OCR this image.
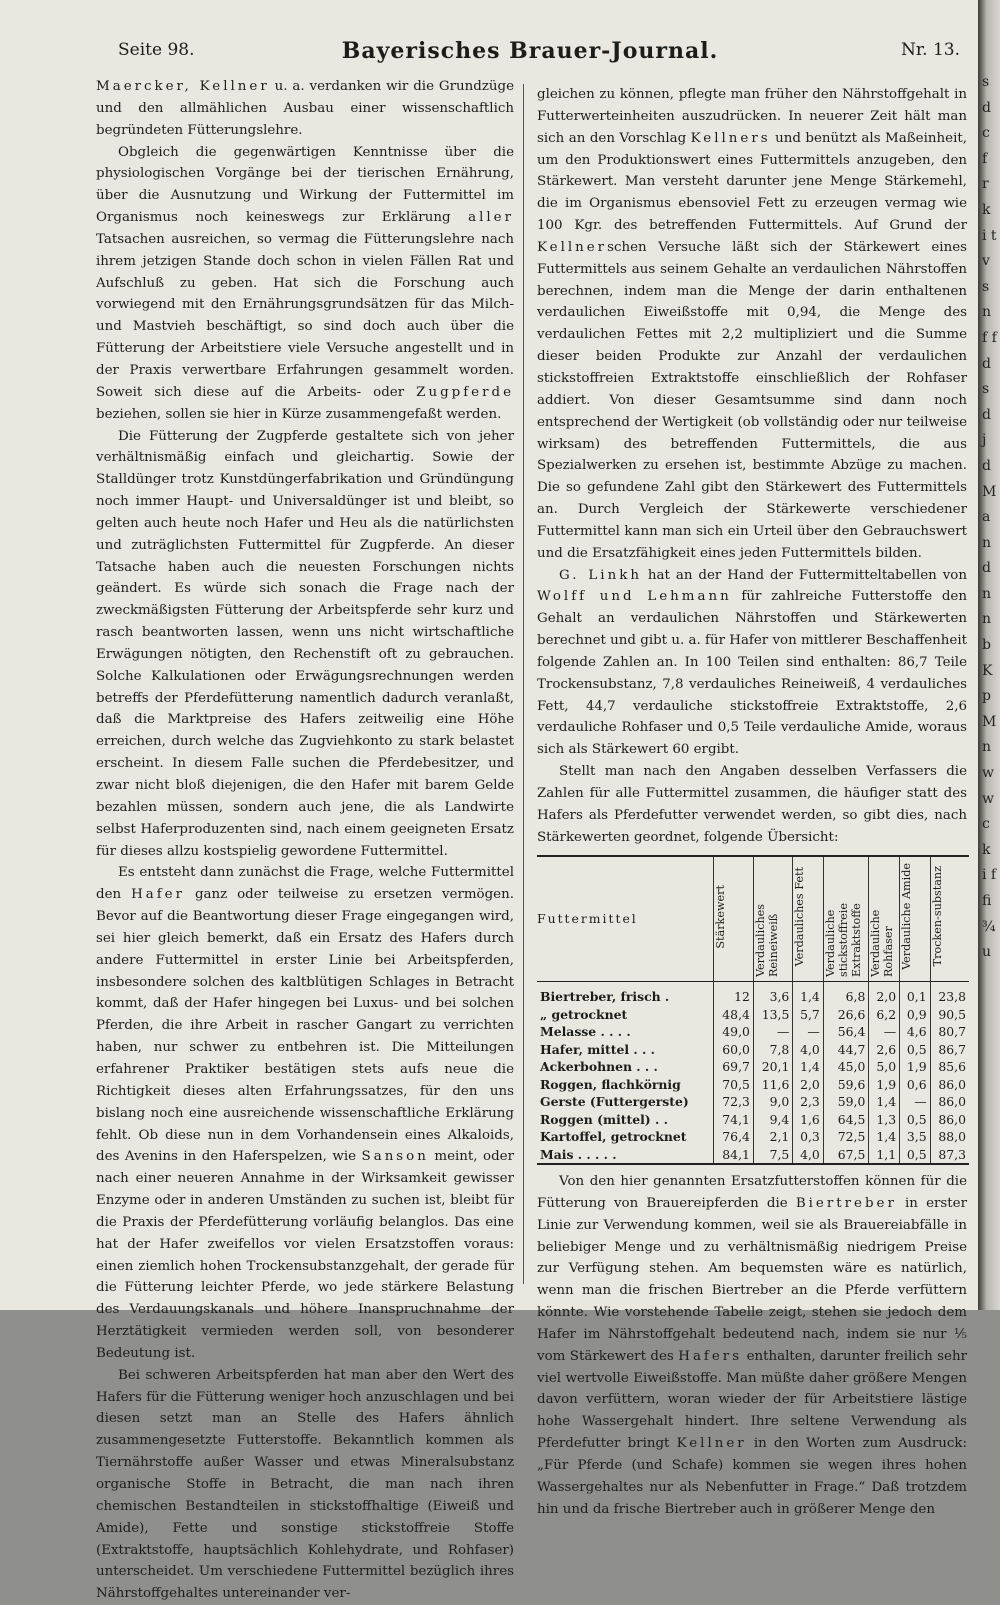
Seite 98.	Bayerisches Brauer-Journal.	Nr. 13.

Maercker, Kellner u. a. verdanken wir die Grundzüge und den allmählichen Ausbau einer wissenschaftlich begründeten Fütterungslehre.

Obgleich die gegenwärtigen Kenntnisse über die physiologischen Vorgänge bei der tierischen Ernährung, über die Ausnutzung und Wirkung der Futtermittel im Organismus noch keineswegs zur Erklärung aller Tatsachen ausreichen, so vermag die Fütterungslehre nach ihrem jetzigen Stande doch schon in vielen Fällen Rat und Aufschluß zu geben. Hat sich die Forschung auch vorwiegend mit den Ernährungsgrundsätzen für das Milch- und Mastvieh beschäftigt, so sind doch auch über die Fütterung der Arbeitstiere viele Versuche angestellt und in der Praxis verwertbare Erfahrungen gesammelt worden. Soweit sich diese auf die Arbeits- oder Zugpferde beziehen, sollen sie hier in Kürze zusammengefaßt werden.

Die Fütterung der Zugpferde gestaltete sich von jeher verhältnismäßig einfach und gleichartig. Sowie der Stalldünger trotz Kunstdüngerfabrikation und Gründüngung noch immer Haupt- und Universaldünger ist und bleibt, so gelten auch heute noch Hafer und Heu als die natürlichsten und zuträglichsten Futtermittel für Zugpferde. An dieser Tatsache haben auch die neuesten Forschungen nichts geändert. Es würde sich sonach die Frage nach der zweckmäßigsten Fütterung der Arbeitspferde sehr kurz und rasch beantworten lassen, wenn uns nicht wirtschaftliche Erwägungen nötigten, den Rechenstift oft zu gebrauchen. Solche Kalkulationen oder Erwägungsrechnungen werden betreffs der Pferdefütterung namentlich dadurch veranlaßt, daß die Marktpreise des Hafers zeitweilig eine Höhe erreichen, durch welche das Zugviehkonto zu stark belastet erscheint. In diesem Falle suchen die Pferdebesitzer, und zwar nicht bloß diejenigen, die den Hafer mit barem Gelde bezahlen müssen, sondern auch jene, die als Landwirte selbst Haferproduzenten sind, nach einem geeigneten Ersatz für dieses allzu kostspielig gewordene Futtermittel.

Es entsteht dann zunächst die Frage, welche Futtermittel den Hafer ganz oder teilweise zu ersetzen vermögen. Bevor auf die Beantwortung dieser Frage eingegangen wird, sei hier gleich bemerkt, daß ein Ersatz des Hafers durch andere Futtermittel in erster Linie bei Arbeitspferden, insbesondere solchen des kaltblütigen Schlages in Betracht kommt, daß der Hafer hingegen bei Luxus- und bei solchen Pferden, die ihre Arbeit in rascher Gangart zu verrichten haben, nur schwer zu entbehren ist. Die Mitteilungen erfahrener Praktiker bestätigen stets aufs neue die Richtigkeit dieses alten Erfahrungssatzes, für den uns bislang noch eine ausreichende wissenschaftliche Erklärung fehlt. Ob diese nun in dem Vorhandensein eines Alkaloids, des Avenins in den Haferspelzen, wie Sanson meint, oder nach einer neueren Annahme in der Wirksamkeit gewisser Enzyme oder in anderen Umständen zu suchen ist, bleibt für die Praxis der Pferdefütterung vorläufig belanglos. Das eine hat der Hafer zweifellos vor vielen Ersatzstoffen voraus: einen ziemlich hohen Trockensubstanzgehalt, der gerade für die Fütterung leichter Pferde, wo jede stärkere Belastung des Verdauungskanals und höhere Inanspruchnahme der Herztätigkeit vermieden werden soll, von besonderer Bedeutung ist.

Bei schweren Arbeitspferden hat man aber den Wert des Hafers für die Fütterung weniger hoch anzuschlagen und bei diesen setzt man an Stelle des Hafers ähnlich zusammengesetzte Futterstoffe. Bekanntlich kommen als Tiernährstoffe außer Wasser und etwas Mineralsubstanz organische Stoffe in Betracht, die man nach ihren chemischen Bestandteilen in stickstoffhaltige (Eiweiß und Amide), Fette und sonstige stickstoffreie Stoffe (Extraktstoffe, hauptsächlich Kohlehydrate, und Rohfaser) unterscheidet. Um verschiedene Futtermittel bezüglich ihres Nährstoffgehaltes untereinander ver-

gleichen zu können, pflegte man früher den Nährstoffgehalt in Futterwerteinheiten auszudrücken. In neuerer Zeit hält man sich an den Vorschlag Kellners und benützt als Maßeinheit, um den Produktionswert eines Futtermittels anzugeben, den Stärkewert. Man versteht darunter jene Menge Stärkemehl, die im Organismus ebensoviel Fett zu erzeugen vermag wie 100 Kgr. des betreffenden Futtermittels. Auf Grund der Kellnerschen Versuche läßt sich der Stärkewert eines Futtermittels aus seinem Gehalte an verdaulichen Nährstoffen berechnen, indem man die Menge der darin enthaltenen verdaulichen Eiweißstoffe mit 0,94, die Menge des verdaulichen Fettes mit 2,2 multipliziert und die Summe dieser beiden Produkte zur Anzahl der verdaulichen stickstoffreien Extraktstoffe einschließlich der Rohfaser addiert. Von dieser Gesamtsumme sind dann noch entsprechend der Wertigkeit (ob vollständig oder nur teilweise wirksam) des betreffenden Futtermittels, die aus Spezialwerken zu ersehen ist, bestimmte Abzüge zu machen. Die so gefundene Zahl gibt den Stärkewert des Futtermittels an. Durch Vergleich der Stärkewerte verschiedener Futtermittel kann man sich ein Urteil über den Gebrauchswert und die Ersatzfähigkeit eines jeden Futtermittels bilden.

G. Linkh hat an der Hand der Futtermitteltabellen von Wolff und Lehmann für zahlreiche Futterstoffe den Gehalt an verdaulichen Nährstoffen und Stärkewerten berechnet und gibt u. a. für Hafer von mittlerer Beschaffenheit folgende Zahlen an. In 100 Teilen sind enthalten: 86,7 Teile Trockensubstanz, 7,8 verdauliches Reineiweiß, 4 verdauliches Fett, 44,7 verdauliche stickstoffreie Extraktstoffe, 2,6 verdauliche Rohfaser und 0,5 Teile verdauliche Amide, woraus sich als Stärkewert 60 ergibt.

Stellt man nach den Angaben desselben Verfassers die Zahlen für alle Futtermittel zusammen, die häufiger statt des Hafers als Pferdefutter verwendet werden, so gibt dies, nach Stärkewerten geordnet, folgende Übersicht:

Futtermittel	Stärkewert	Verdauliches Reineiweiß	Verdauliches Fett	Verdauliche stickstoffreie Extraktstoffe	Verdauliche Rohfaser	Verdauliche Amide	Trocken-substanz
Biertreber, frisch .	12	3,6	1,4	6,8	2,0	0,1	23,8
„ getrocknet	48,4	13,5	5,7	26,6	6,2	0,9	90,5
Melasse . . . .	49,0	—	—	56,4	—	4,6	80,7
Hafer, mittel . . .	60,0	7,8	4,0	44,7	2,6	0,5	86,7
Ackerbohnen . . .	69,7	20,1	1,4	45,0	5,0	1,9	85,6
Roggen, flachkörnig	70,5	11,6	2,0	59,6	1,9	0,6	86,0
Gerste (Futtergerste)	72,3	9,0	2,3	59,0	1,4	—	86,0
Roggen (mittel) . .	74,1	9,4	1,6	64,5	1,3	0,5	86,0
Kartoffel, getrocknet	76,4	2,1	0,3	72,5	1,4	3,5	88,0
Mais . . . . .	84,1	7,5	4,0	67,5	1,1	0,5	87,3

Von den hier genannten Ersatzfutterstoffen können für die Fütterung von Brauereipferden die Biertreber in erster Linie zur Verwendung kommen, weil sie als Brauereiabfälle in beliebiger Menge und zu verhältnismäßig niedrigem Preise zur Verfügung stehen. Am bequemsten wäre es natürlich, wenn man die frischen Biertreber an die Pferde verfüttern könnte. Wie vorstehende Tabelle zeigt, stehen sie jedoch dem Hafer im Nährstoffgehalt bedeutend nach, indem sie nur ⅕ vom Stärkewert des Hafers enthalten, darunter freilich sehr viel wertvolle Eiweißstoffe. Man müßte daher größere Mengen davon verfüttern, woran wieder der für Arbeitstiere lästige hohe Wassergehalt hindert. Ihre seltene Verwendung als Pferdefutter bringt Kellner in den Worten zum Ausdruck: „Für Pferde (und Schafe) kommen sie wegen ihres hohen Wassergehaltes nur als Nebenfutter in Frage.“ Daß trotzdem hin und da frische Biertreber auch in größerer Menge den

s d c f r k i t v s n f f d s d j d M a n d n n b K p M n w w c k i f fi ¾ u
